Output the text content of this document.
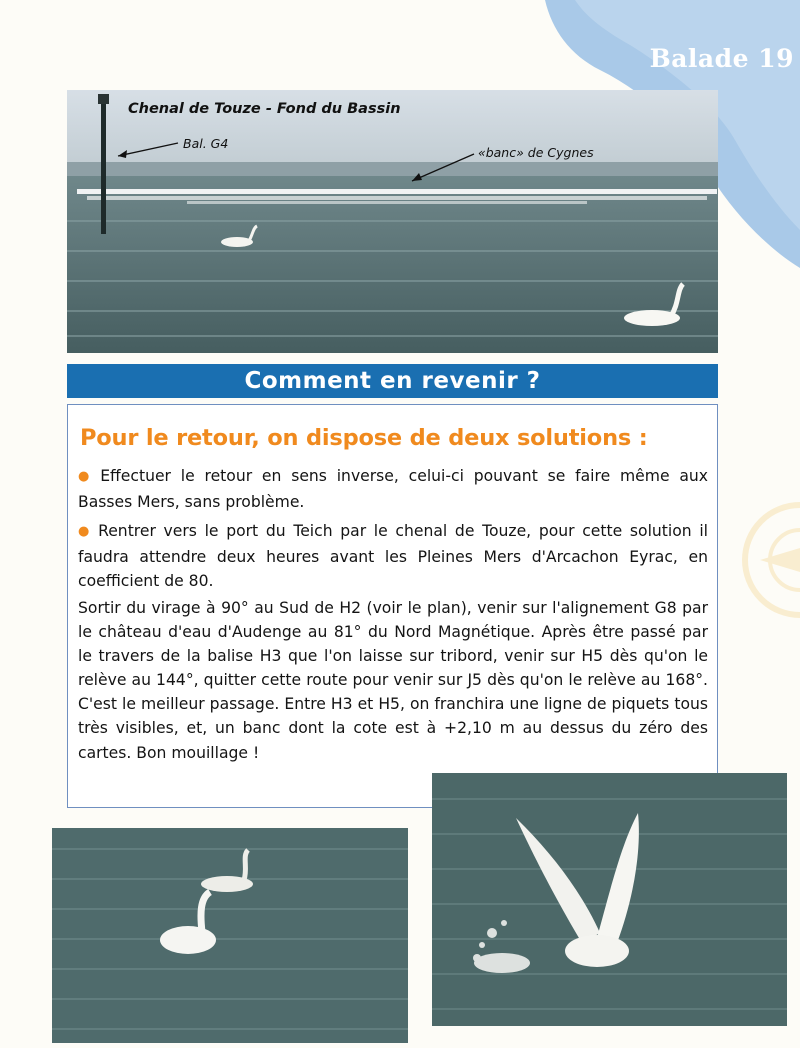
Balade 19
Chenal de Touze - Fond du Bassin
Bal. G4
«banc» de Cygnes
Comment en revenir ?
Pour le retour, on dispose de deux solutions :
● Effectuer le retour en sens inverse, celui-ci pouvant se faire même aux Basses Mers, sans problème.
● Rentrer vers le port du Teich par le chenal de Touze, pour cette solution il faudra attendre deux heures avant les Pleines Mers d'Arcachon Eyrac, en coefficient de 80.
Sortir du virage à 90° au Sud de H2 (voir le plan), venir sur l'alignement G8 par le château d'eau d'Audenge au 81° du Nord Magnétique. Après être passé par le travers de la balise H3 que l'on laisse sur tribord, venir sur H5 dès qu'on le relève au 144°, quitter cette route pour venir sur J5 dès qu'on le relève au 168°. C'est le meilleur passage. Entre H3 et H5, on franchira une ligne de piquets tous très visibles, et, un banc dont la cote est à +2,10 m au dessus du zéro des cartes. Bon mouillage !
